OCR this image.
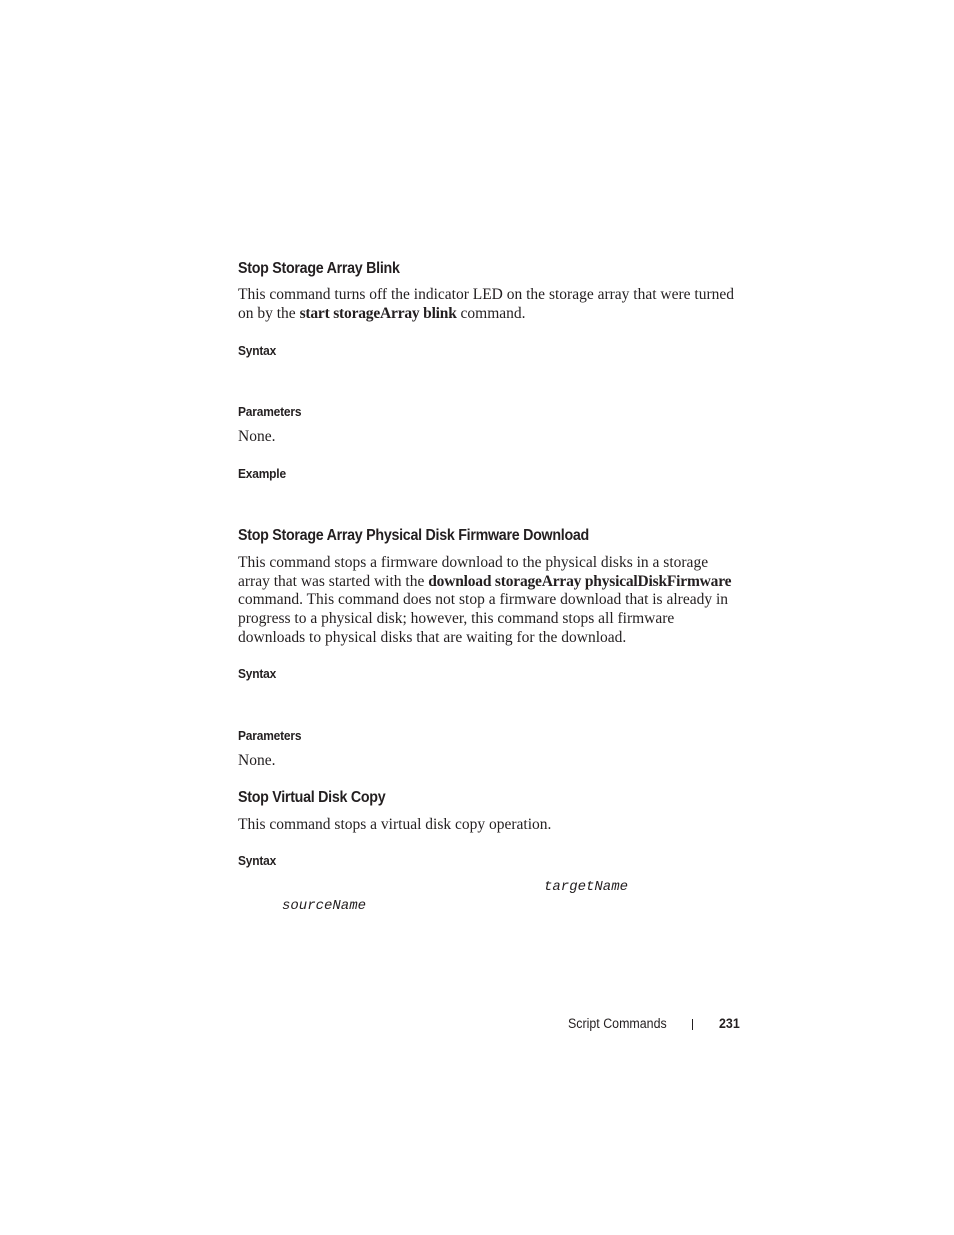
Stop Storage Array Blink
This command turns off the indicator LED on the storage array that were turned on by the start storageArray blink command.
Syntax
Parameters
None.
Example
Stop Storage Array Physical Disk Firmware Download
This command stops a firmware download to the physical disks in a storage array that was started with the download storageArray physicalDiskFirmware command. This command does not stop a firmware download that is already in progress to a physical disk; however, this command stops all firmware downloads to physical disks that are waiting for the download.
Syntax
Parameters
None.
Stop Virtual Disk Copy
This command stops a virtual disk copy operation.
Syntax
targetName
sourceName
Script Commands	231
